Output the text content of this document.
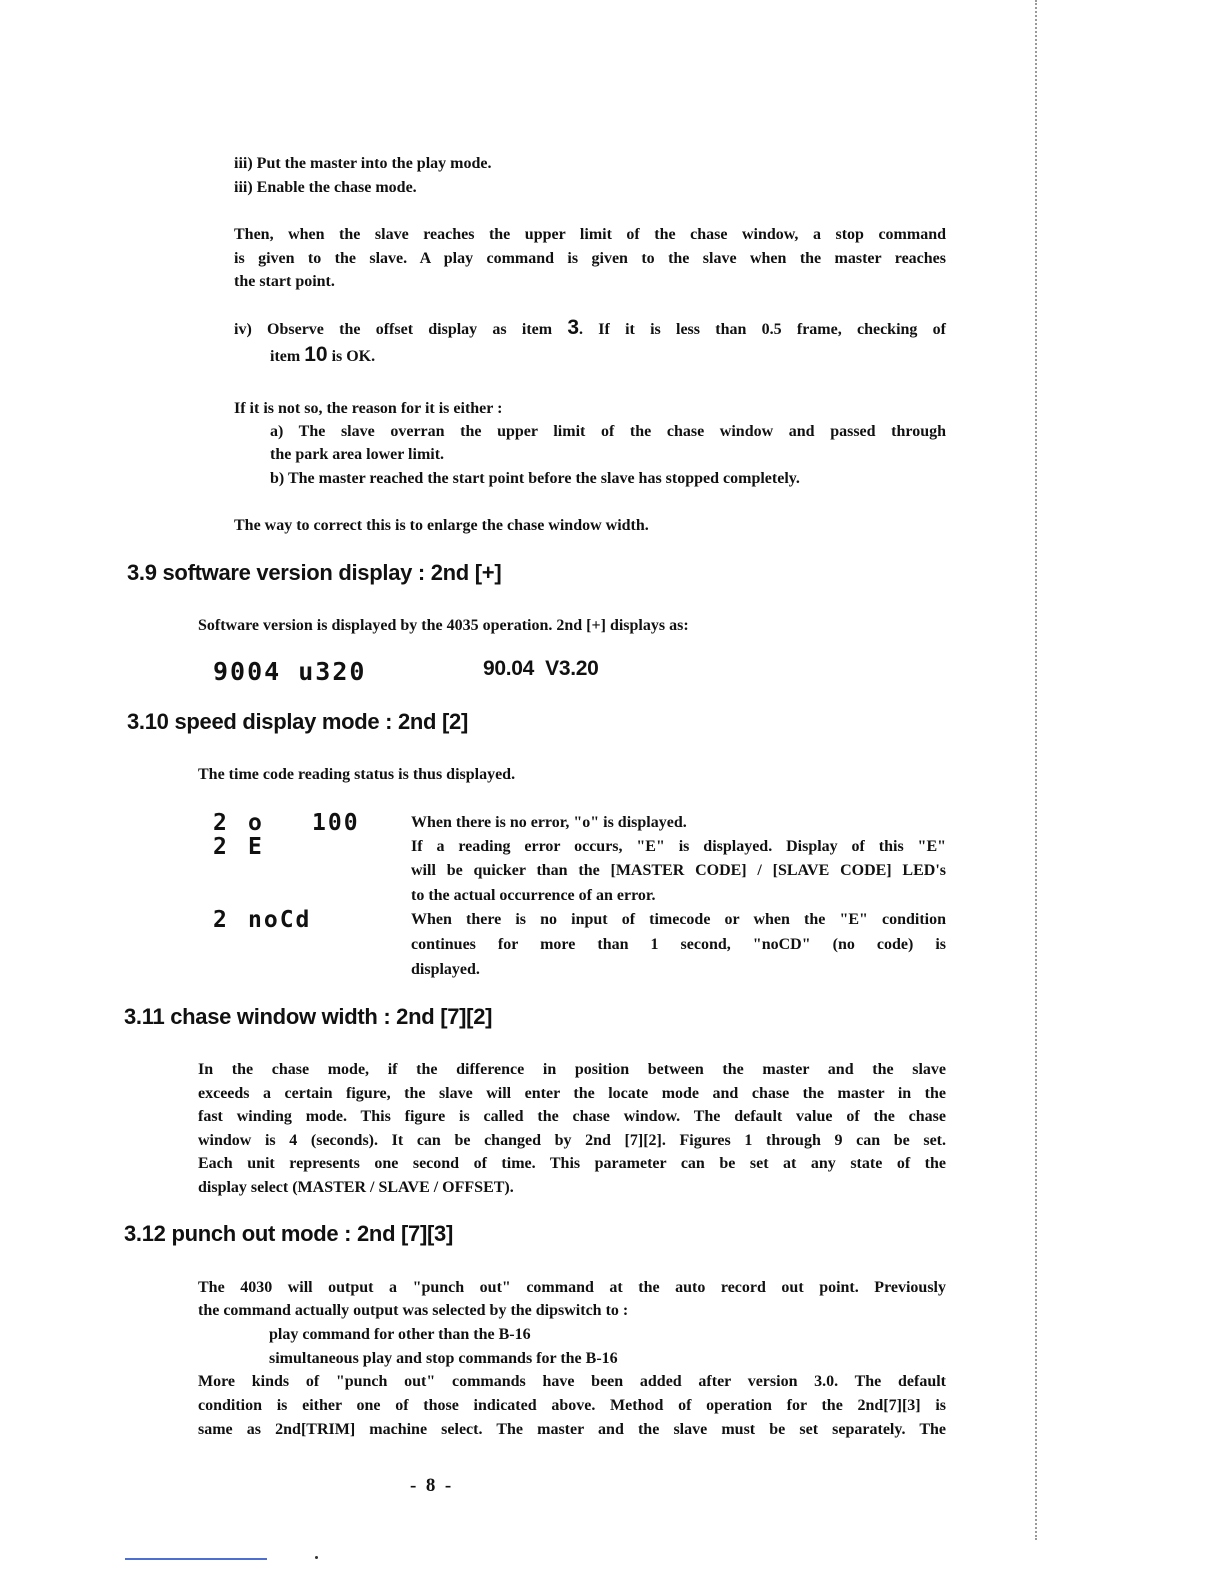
iii) Put the master into the play mode.
iii) Enable the chase mode.
Then, when the slave reaches the upper limit of the chase window, a stop command
is given to the slave. A play command is given to the slave when the master reaches
the start point.
iv) Observe the offset display as item 3. If it is less than 0.5 frame, checking of
item 10 is OK.
If it is not so, the reason for it is either :
a) The slave overran the upper limit of the chase window and passed through
the park area lower limit.
b) The master reached the start point before the slave has stopped completely.
The way to correct this is to enlarge the chase window width.
3.9 software version display : 2nd [+]
Software version is displayed by the 4035 operation. 2nd [+] displays as:
9004 u320	90.04  V3.20
3.10 speed display mode : 2nd [2]
The time code reading status is thus displayed.
2 o 100	When there is no error, "o" is displayed.
2 E	If a reading error occurs, "E" is displayed. Display of this "E"
will be quicker than the [MASTER CODE] / [SLAVE CODE] LED's
to the actual occurrence of an error.
2 noCd	When there is no input of timecode or when the "E" condition
continues for more than 1 second, "noCD" (no code) is
displayed.
3.11 chase window width : 2nd [7][2]
In the chase mode, if the difference in position between the master and the slave
exceeds a certain figure, the slave will enter the locate mode and chase the master in the
fast winding mode. This figure is called the chase window. The default value of the chase
window is 4 (seconds). It can be changed by 2nd [7][2]. Figures 1 through 9 can be set.
Each unit represents one second of time. This parameter can be set at any state of the
display select (MASTER / SLAVE / OFFSET).
3.12 punch out mode : 2nd [7][3]
The 4030 will output a "punch out" command at the auto record out point. Previously
the command actually output was selected by the dipswitch to :
play command for other than the B-16
simultaneous play and stop commands for the B-16
More kinds of "punch out" commands have been added after version 3.0. The default
condition is either one of those indicated above. Method of operation for the 2nd[7][3] is
same as 2nd[TRIM] machine select. The master and the slave must be set separately. The
-  8  -
